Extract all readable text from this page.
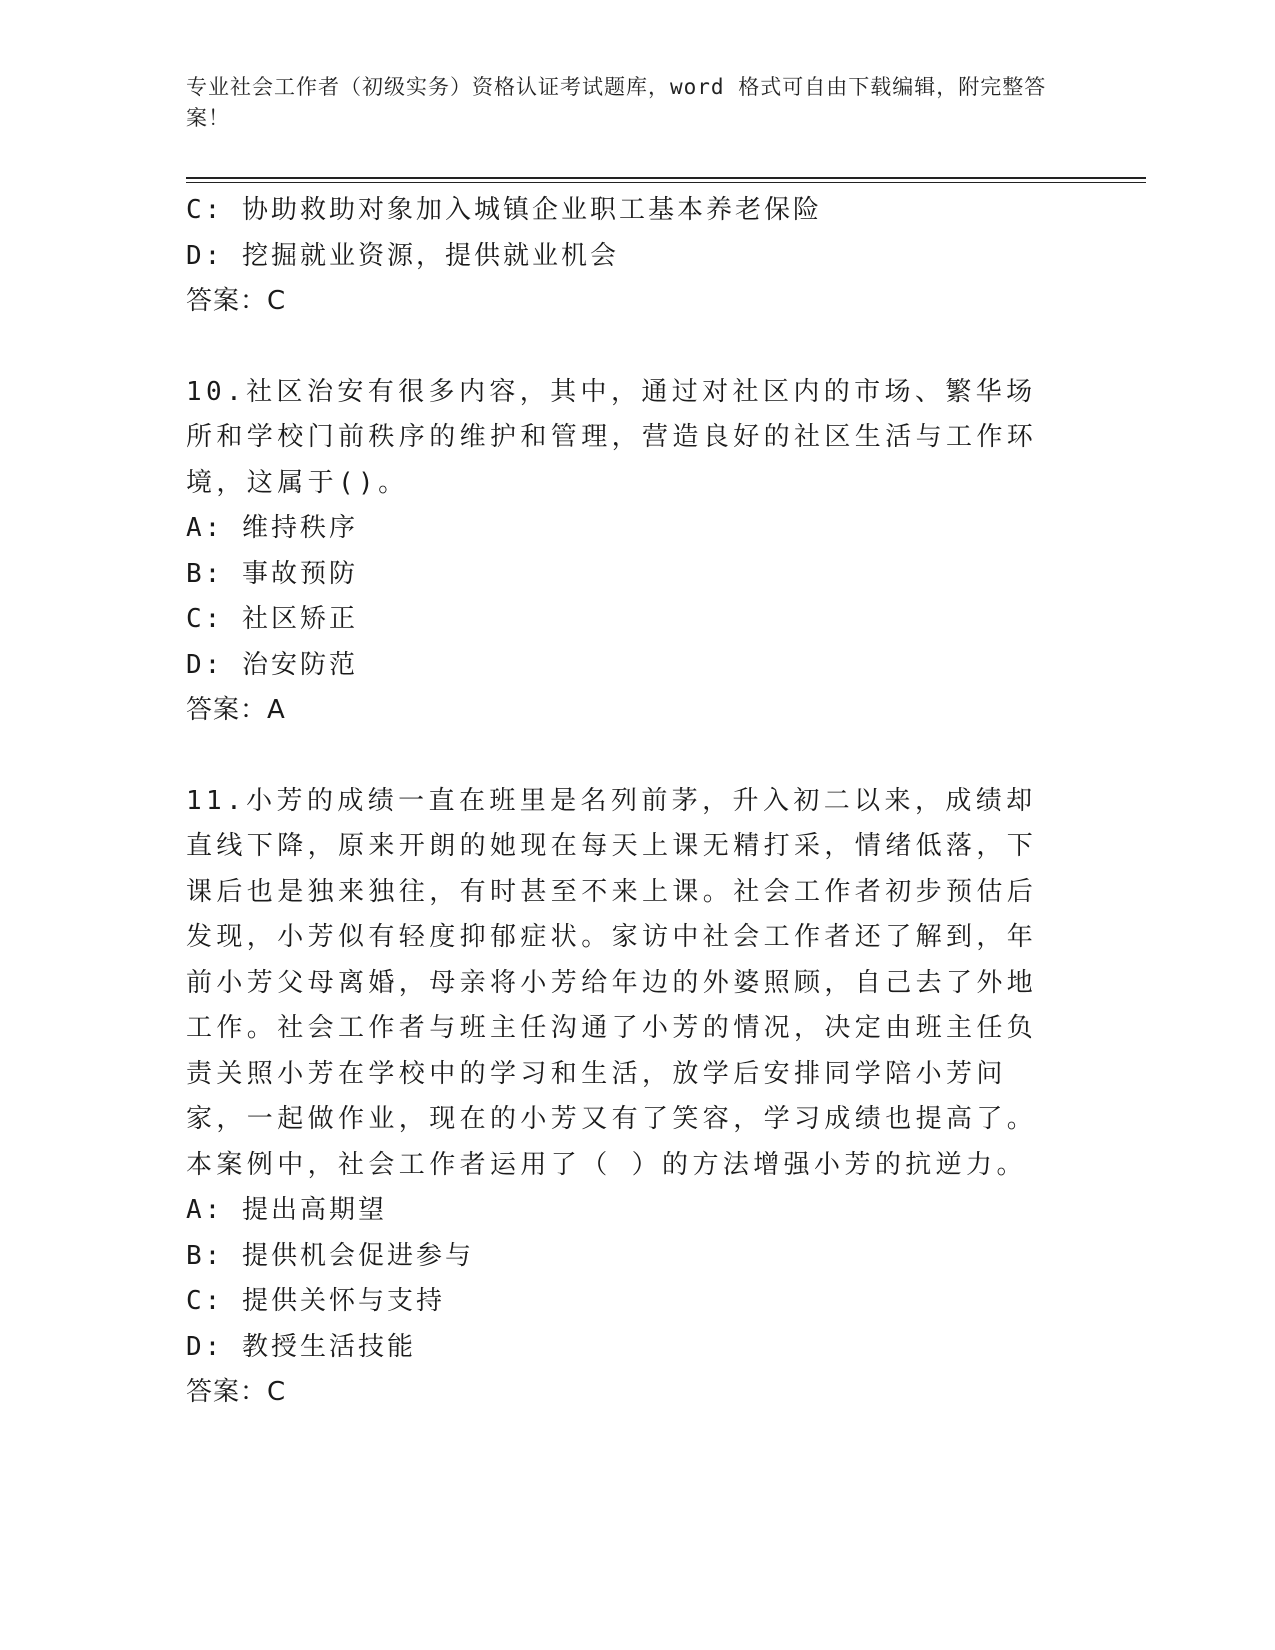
专业社会工作者（初级实务）资格认证考试题库，word 格式可自由下载编辑，附完整答案！
C: 协助救助对象加入城镇企业职工基本养老保险
D: 挖掘就业资源，提供就业机会
答案：C
10.社区治安有很多内容，其中，通过对社区内的市场、繁华场所和学校门前秩序的维护和管理，营造良好的社区生活与工作环境，这属于()。
A: 维持秩序
B: 事故预防
C: 社区矫正
D: 治安防范
答案：A
11.小芳的成绩一直在班里是名列前茅，升入初二以来，成绩却直线下降，原来开朗的她现在每天上课无精打采，情绪低落，下课后也是独来独往，有时甚至不来上课。社会工作者初步预估后发现，小芳似有轻度抑郁症状。家访中社会工作者还了解到，年前小芳父母离婚，母亲将小芳给年边的外婆照顾，自己去了外地工作。社会工作者与班主任沟通了小芳的情况，决定由班主任负责关照小芳在学校中的学习和生活，放学后安排同学陪小芳问家，一起做作业，现在的小芳又有了笑容，学习成绩也提高了。本案例中，社会工作者运用了（ ）的方法增强小芳的抗逆力。
A: 提出高期望
B: 提供机会促进参与
C: 提供关怀与支持
D: 教授生活技能
答案：C
